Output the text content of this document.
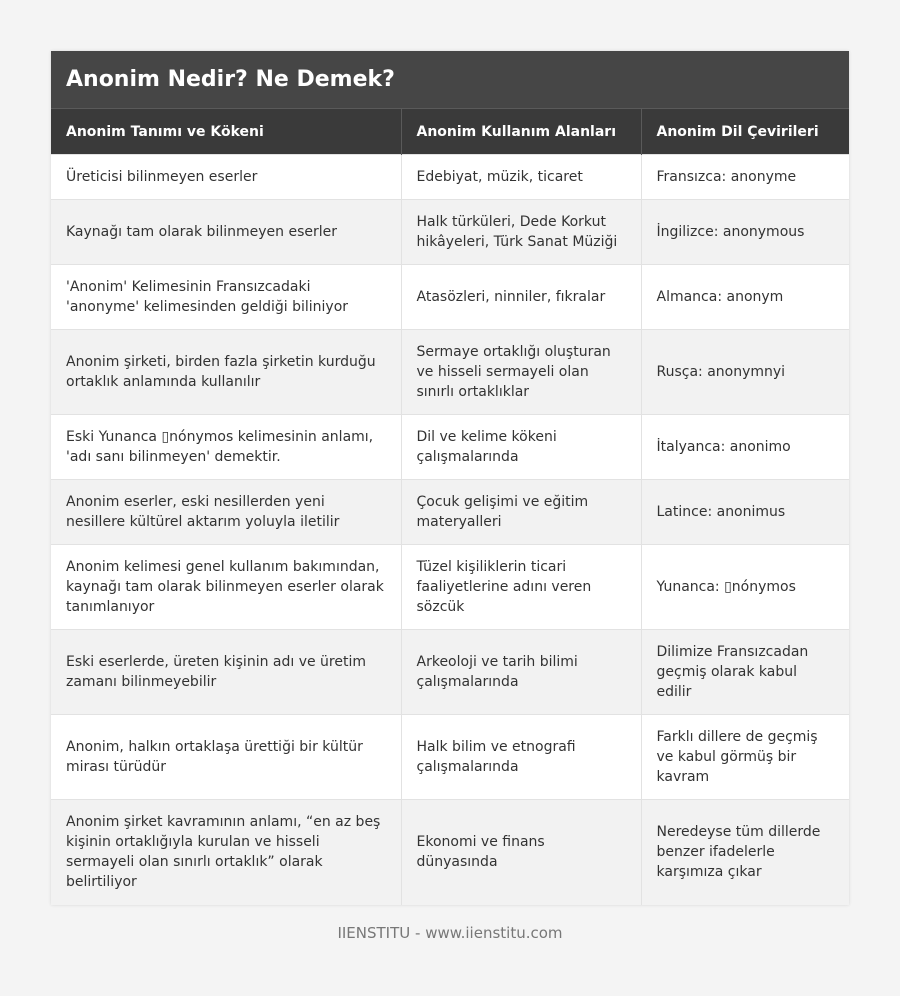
Anonim Nedir? Ne Demek?
Anonim Tanımı ve Kökeni	Anonim Kullanım Alanları	Anonim Dil Çevirileri
Üreticisi bilinmeyen eserler	Edebiyat, müzik, ticaret	Fransızca: anonyme
Kaynağı tam olarak bilinmeyen eserler	Halk türküleri, Dede Korkut hikâyeleri, Türk Sanat Müziği	İngilizce: anonymous
'Anonim' Kelimesinin Fransızcadaki 'anonyme' kelimesinden geldiği biliniyor	Atasözleri, ninniler, fıkralar	Almanca: anonym
Anonim şirketi, birden fazla şirketin kurduğu ortaklık anlamında kullanılır	Sermaye ortaklığı oluşturan ve hisseli sermayeli olan sınırlı ortaklıklar	Rusça: anonymnyi
Eski Yunanca ▯nónymos kelimesinin anlamı, 'adı sanı bilinmeyen' demektir.	Dil ve kelime kökeni çalışmalarında	İtalyanca: anonimo
Anonim eserler, eski nesillerden yeni nesillere kültürel aktarım yoluyla iletilir	Çocuk gelişimi ve eğitim materyalleri	Latince: anonimus
Anonim kelimesi genel kullanım bakımından, kaynağı tam olarak bilinmeyen eserler olarak tanımlanıyor	Tüzel kişiliklerin ticari faaliyetlerine adını veren sözcük	Yunanca: ▯nónymos
Eski eserlerde, üreten kişinin adı ve üretim zamanı bilinmeyebilir	Arkeoloji ve tarih bilimi çalışmalarında	Dilimize Fransızcadan geçmiş olarak kabul edilir
Anonim, halkın ortaklaşa ürettiği bir kültür mirası türüdür	Halk bilim ve etnografi çalışmalarında	Farklı dillere de geçmiş ve kabul görmüş bir kavram
Anonim şirket kavramının anlamı, “en az beş kişinin ortaklığıyla kurulan ve hisseli sermayeli olan sınırlı ortaklık” olarak belirtiliyor	Ekonomi ve finans dünyasında	Neredeyse tüm dillerde benzer ifadelerle karşımıza çıkar
IIENSTITU - www.iienstitu.com
